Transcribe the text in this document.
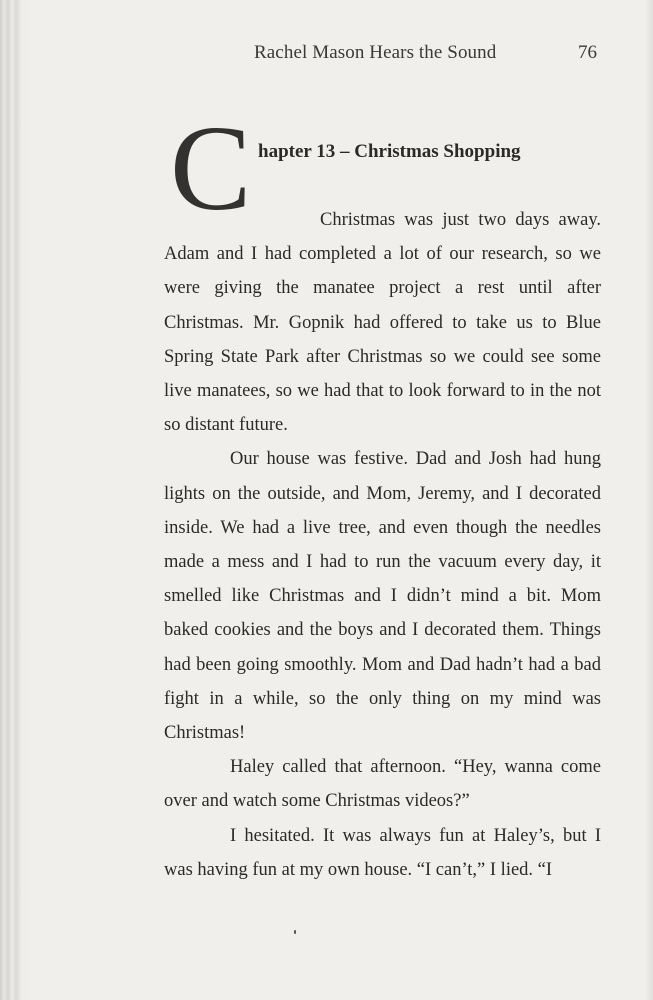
Rachel Mason Hears the Sound	76
C hapter 13 – Christmas Shopping

Christmas was just two days away. Adam and I had completed a lot of our research, so we were giving the manatee project a rest until after Christmas. Mr. Gopnik had offered to take us to Blue Spring State Park after Christmas so we could see some live manatees, so we had that to look forward to in the not so distant future.

Our house was festive. Dad and Josh had hung lights on the outside, and Mom, Jeremy, and I decorated inside. We had a live tree, and even though the needles made a mess and I had to run the vacuum every day, it smelled like Christmas and I didn’t mind a bit. Mom baked cookies and the boys and I decorated them. Things had been going smoothly. Mom and Dad hadn’t had a bad fight in a while, so the only thing on my mind was Christmas!

Haley called that afternoon. “Hey, wanna come over and watch some Christmas videos?”

I hesitated. It was always fun at Haley’s, but I was having fun at my own house. “I can’t,” I lied. “I
